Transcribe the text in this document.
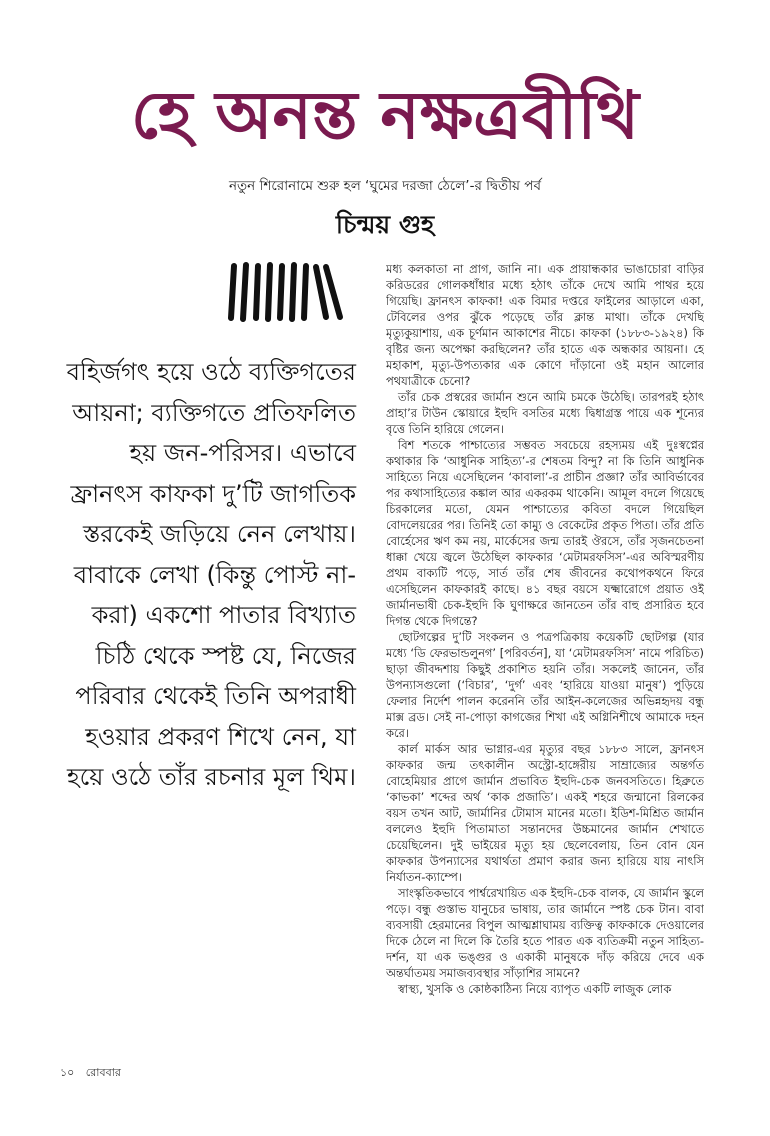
হে অনন্ত নক্ষত্রবীথি
নতুন শিরোনামে শুরু হল ‘ঘুমের দরজা ঠেলে’-র দ্বিতীয় পর্ব
চিন্ময় গুহ
বহির্জগৎ হয়ে ওঠে ব্যক্তিগতের আয়না; ব্যক্তিগতে প্রতিফলিত হয় জন-পরিসর। এভাবে ফ্রানৎস কাফকা দু’টি জাগতিক স্তরকেই জড়িয়ে নেন লেখায়। বাবাকে লেখা (কিন্তু পোস্ট না-করা) একশো পাতার বিখ্যাত চিঠি থেকে স্পষ্ট যে, নিজের পরিবার থেকেই তিনি অপরাধী হওয়ার প্রকরণ শিখে নেন, যা হয়ে ওঠে তাঁর রচনার মূল থিম।

মধ্য কলকাতা না প্রাগ, জানি না। এক প্রায়ান্ধকার ভাঙাচোরা বাড়ির করিডরের গোলকধাঁধার মধ্যে হঠাৎ তাঁকে দেখে আমি পাথর হয়ে গিয়েছি। ফ্রানৎস কাফকা! এক বিমার দপ্তরে ফাইলের আড়ালে একা, টেবিলের ওপর ঝুঁকে পড়েছে তাঁর ক্লান্ত মাথা। তাঁকে দেখছি মৃত্যুকুয়াশায়, এক চূর্ণমান আকাশের নীচে। কাফকা (১৮৮৩-১৯২৪) কি বৃষ্টির জন্য অপেক্ষা করছিলেন? তাঁর হাতে এক অন্ধকার আয়না। হে মহাকাশ, মৃত্যু-উপত্যকার এক কোণে দাঁড়ানো ওই মহান আলোর পথযাত্রীকে চেনো?

তাঁর চেক প্রস্বরের জার্মান শুনে আমি চমকে উঠেছি। তারপরই হঠাৎ প্রাহা’র টাউন স্কোয়ারে ইহুদি বসতির মধ্যে দ্বিধাগ্রস্ত পায়ে এক শূন্যের বৃত্তে তিনি হারিয়ে গেলেন।

বিশ শতকে পাশ্চাত্যের সম্ভবত সবচেয়ে রহস্যময় এই দুঃস্বপ্নের কথাকার কি ‘আধুনিক সাহিত্য’-র শেষতম বিন্দু? না কি তিনি আধুনিক সাহিত্যে নিয়ে এসেছিলেন ‘কাবালা’-র প্রাচীন প্রজ্ঞা? তাঁর আবির্ভাবের পর কথাসাহিত্যের কঙ্কাল আর একরকম থাকেনি। আমূল বদলে গিয়েছে চিরকালের মতো, যেমন পাশ্চাত্যের কবিতা বদলে গিয়েছিল বোদলেয়রের পর। তিনিই তো কাম্যু ও বেকেটের প্রকৃত পিতা। তাঁর প্রতি বোর্হেসের ঋণ কম নয়, মার্কেসের জন্ম তারই ঔরসে, তাঁর সৃজনচেতনা ধাক্কা খেয়ে জ্বলে উঠেছিল কাফকার ‘মেটামরফসিস’-এর অবিস্মরণীয় প্রথম বাক্যটি পড়ে, সার্ত তাঁর শেষ জীবনের কথোপকথনে ফিরে এসেছিলেন কাফকারই কাছে। ৪১ বছর বয়সে যক্ষ্মারোগে প্রয়াত ওই জার্মানভাষী চেক-ইহুদি কি ঘুণাক্ষরে জানতেন তাঁর বাহু প্রসারিত হবে দিগন্ত থেকে দিগন্তে?

ছোটগল্পের দু’টি সংকলন ও পত্রপত্রিকায় কয়েকটি ছোটগল্প (যার মধ্যে ‘ডি ফেরভান্ডলুনগ’ [পরিবর্তন], যা ‘মেটামরফসিস’ নামে পরিচিত) ছাড়া জীবদ্দশায় কিছুই প্রকাশিত হয়নি তাঁর। সকলেই জানেন, তাঁর উপন্যাসগুলো (‘বিচার’, ‘দুর্গ’ এবং ‘হারিয়ে যাওয়া মানুষ’) পুড়িয়ে ফেলার নির্দেশ পালন করেননি তাঁর আইন-কলেজের অভিন্নহৃদয় বন্ধু মাক্স ব্রড। সেই না-পোড়া কাগজের শিখা এই অগ্নিনিশীথে আমাকে দহন করে।

কার্ল মার্কস আর ভাগ্নার-এর মৃত্যুর বছর ১৮৮৩ সালে, ফ্রানৎস কাফকার জন্ম তৎকালীন অস্ট্রো-হাঙ্গেরীয় সাম্রাজ্যের অন্তর্গত বোহেমিয়ার প্রাগে জার্মান প্রভাবিত ইহুদি-চেক জনবসতিতে। হিব্রুতে ‘কাভকা’ শব্দের অর্থ ‘কাক প্রজাতি’। একই শহরে জন্মানো রিলকের বয়স তখন আট, জার্মানির টোমাস মানের মতো। ইডিশ-মিশ্রিত জার্মান বললেও ইহুদি পিতামাতা সন্তানদের উচ্চমানের জার্মান শেখাতে চেয়েছিলেন। দুই ভাইয়ের মৃত্যু হয় ছেলেবেলায়, তিন বোন যেন কাফকার উপন্যাসের যথার্থতা প্রমাণ করার জন্য হারিয়ে যায় নাৎসি নির্যাতন-ক্যাম্পে।

সাংস্কৃতিকভাবে পার্শ্বরেখায়িত এক ইহুদি-চেক বালক, যে জার্মান স্কুলে পড়ে। বন্ধু গুস্তাভ যানুচের ভাষায়, তার জার্মানে স্পষ্ট চেক টান। বাবা ব্যবসায়ী হেরমানের বিপুল আত্মশ্লাঘাময় ব্যক্তিত্ব কাফকাকে দেওয়ালের দিকে ঠেলে না দিলে কি তৈরি হতে পারত এক ব্যতিক্রমী নতুন সাহিত্য-দর্শন, যা এক ভঙ্গুর ও একাকী মানুষকে দাঁড় করিয়ে দেবে এক অন্তর্ঘাতময় সমাজব্যবস্থার সাঁড়াশির সামনে?

স্বাস্থ্য, খুসকি ও কোষ্ঠকাঠিন্য নিয়ে ব্যাপৃত একটি লাজুক লোক

১০ রোববার
